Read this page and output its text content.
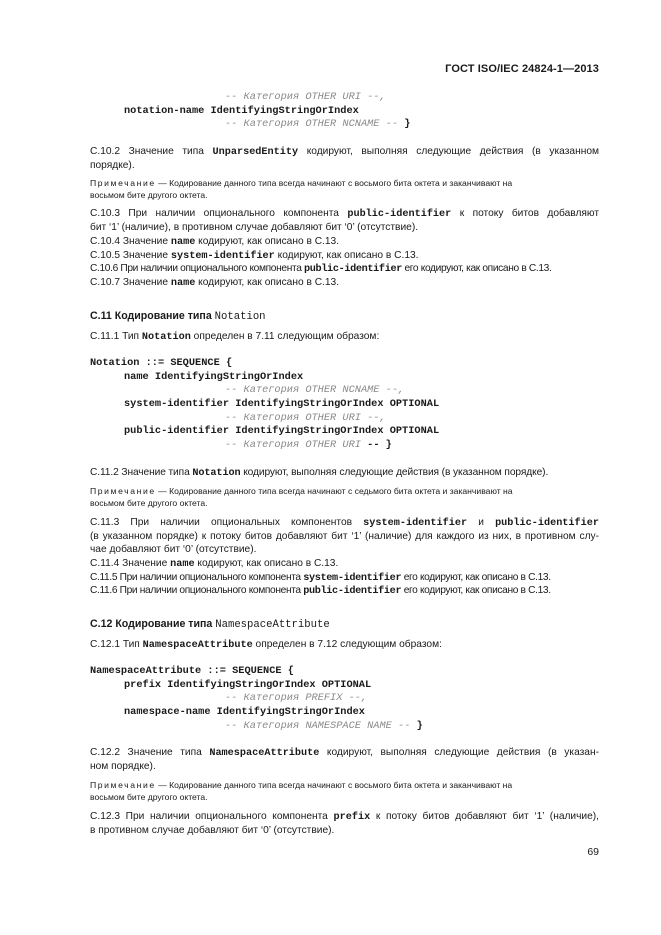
ГОСТ ISO/IEC 24824-1—2013
-- Категория OTHER URI --,
notation-name IdentifyingStringOrIndex
-- Категория OTHER NCNAME -- }

С.10.2 Значение типа UnparsedEntity кодируют, выполняя следующие действия (в указанном

порядке).

Примечание — Кодирование данного типа всегда начинают с восьмого бита октета и заканчивают на

восьмом бите другого октета.

С.10.3 При наличии опционального компонента public-identifier к потоку битов добавляют

бит ‘1’ (наличие), в противном случае добавляют бит ‘0’ (отсутствие).

С.10.4 Значение name кодируют, как описано в С.13.

С.10.5 Значение system-identifier кодируют, как описано в С.13.

С.10.6 При наличии опционального компонента public-identifier его кодируют, как описано в С.13.

С.10.7 Значение name кодируют, как описано в С.13.

С.11 Кодирование типа Notation

С.11.1 Тип Notation определен в 7.11 следующим образом:

Notation ::= SEQUENCE {
name IdentifyingStringOrIndex
-- Категория OTHER NCNAME --,
system-identifier IdentifyingStringOrIndex OPTIONAL
-- Категория OTHER URI --,
public-identifier IdentifyingStringOrIndex OPTIONAL
-- Категория OTHER URI -- }

С.11.2 Значение типа Notation кодируют, выполняя следующие действия (в указанном порядке).

Примечание — Кодирование данного типа всегда начинают с седьмого бита октета и заканчивают на

восьмом бите другого октета.

С.11.3 При наличии опциональных компонентов system-identifier и public-identifier

(в указанном порядке) к потоку битов добавляют бит ‘1’ (наличие) для каждого из них, в противном слу-

чае добавляют бит ‘0’ (отсутствие).

С.11.4 Значение name кодируют, как описано в С.13.

С.11.5 При наличии опционального компонента system-identifier его кодируют, как описано в С.13.

С.11.6 При наличии опционального компонента public-identifier его кодируют, как описано в С.13.

С.12 Кодирование типа NamespaceAttribute

С.12.1 Тип NamespaceAttribute определен в 7.12 следующим образом:

NamespaceAttribute ::= SEQUENCE {
prefix IdentifyingStringOrIndex OPTIONAL
-- Категория PREFIX --,
namespace-name IdentifyingStringOrIndex
-- Категория NAMESPACE NAME -- }

С.12.2 Значение типа NamespaceAttribute кодируют, выполняя следующие действия (в указан-

ном порядке).

Примечание — Кодирование данного типа всегда начинают с восьмого бита октета и заканчивают на

восьмом бите другого октета.

С.12.3 При наличии опционального компонента prefix к потоку битов добавляют бит ‘1’ (наличие),

в противном случае добавляют бит ‘0’ (отсутствие).

69
